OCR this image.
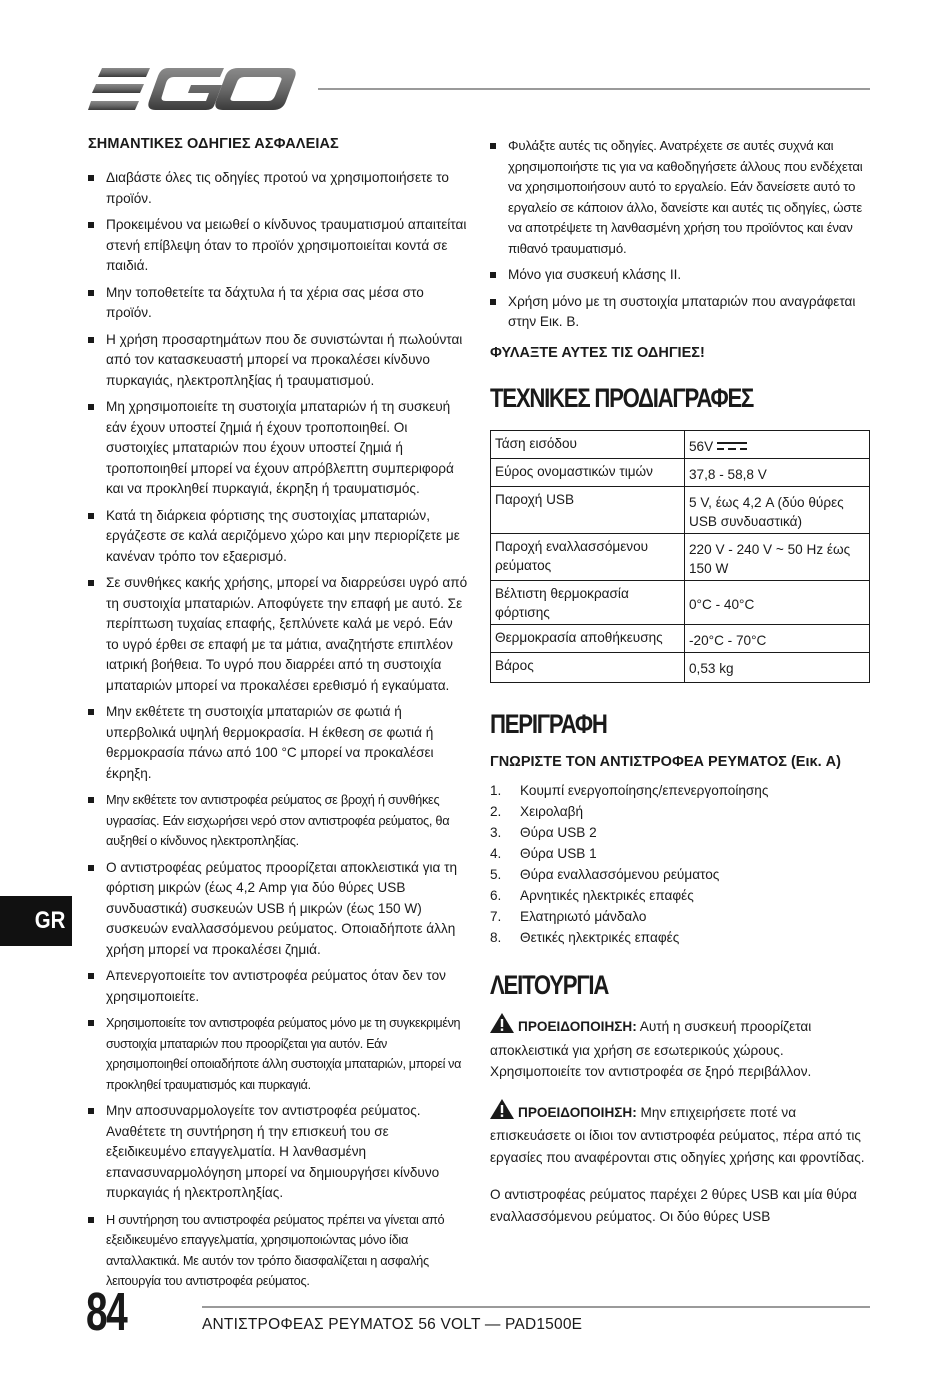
ΣΗΜΑΝΤΙΚΕΣ ΟΔΗΓΙΕΣ ΑΣΦΑΛΕΙΑΣ
Διαβάστε όλες τις οδηγίες προτού να χρησιμοποιήσετε το προϊόν.
Προκειμένου να μειωθεί ο κίνδυνος τραυματισμού απαιτείται στενή επίβλεψη όταν το προϊόν χρησιμοποιείται κοντά σε παιδιά.
Μην τοποθετείτε τα δάχτυλα ή τα χέρια σας μέσα στο προϊόν.
Η χρήση προσαρτημάτων που δε συνιστώνται ή πωλούνται από τον κατασκευαστή μπορεί να προκαλέσει κίνδυνο πυρκαγιάς, ηλεκτροπληξίας ή τραυματισμού.
Μη χρησιμοποιείτε τη συστοιχία μπαταριών ή τη συσκευή εάν έχουν υποστεί ζημιά ή έχουν τροποποιηθεί. Οι συστοιχίες μπαταριών που έχουν υποστεί ζημιά ή τροποποιηθεί μπορεί να έχουν απρόβλεπτη συμπεριφορά και να προκληθεί πυρκαγιά, έκρηξη ή τραυματισμός.
Κατά τη διάρκεια φόρτισης της συστοιχίας μπαταριών, εργάζεστε σε καλά αεριζόμενο χώρο και μην περιορίζετε με κανέναν τρόπο τον εξαερισμό.
Σε συνθήκες κακής χρήσης, μπορεί να διαρρεύσει υγρό από τη συστοιχία μπαταριών. Αποφύγετε την επαφή με αυτό. Σε περίπτωση τυχαίας επαφής, ξεπλύνετε καλά με νερό. Εάν το υγρό έρθει σε επαφή με τα μάτια, αναζητήστε επιπλέον ιατρική βοήθεια. Το υγρό που διαρρέει από τη συστοιχία μπαταριών μπορεί να προκαλέσει ερεθισμό ή εγκαύματα.
Μην εκθέτετε τη συστοιχία μπαταριών σε φωτιά ή υπερβολικά υψηλή θερμοκρασία. Η έκθεση σε φωτιά ή θερμοκρασία πάνω από 100 °C μπορεί να προκαλέσει έκρηξη.
Μην εκθέτετε τον αντιστροφέα ρεύματος σε βροχή ή συνθήκες υγρασίας. Εάν εισχωρήσει νερό στον αντιστροφέα ρεύματος, θα αυξηθεί ο κίνδυνος ηλεκτροπληξίας.
Ο αντιστροφέας ρεύματος προορίζεται αποκλειστικά για τη φόρτιση μικρών (έως 4,2 Amp για δύο θύρες USB συνδυαστικά) συσκευών USB ή μικρών (έως 150 W) συσκευών εναλλασσόμενου ρεύματος. Οποιαδήποτε άλλη χρήση μπορεί να προκαλέσει ζημιά.
Απενεργοποιείτε τον αντιστροφέα ρεύματος όταν δεν τον χρησιμοποιείτε.
Χρησιμοποιείτε τον αντιστροφέα ρεύματος μόνο με τη συγκεκριμένη συστοιχία μπαταριών που προορίζεται για αυτόν. Εάν χρησιμοποιηθεί οποιαδήποτε άλλη συστοιχία μπαταριών, μπορεί να προκληθεί τραυματισμός και πυρκαγιά.
Μην αποσυναρμολογείτε τον αντιστροφέα ρεύματος. Αναθέτετε τη συντήρηση ή την επισκευή του σε εξειδικευμένο επαγγελματία. Η λανθασμένη επανασυναρμολόγηση μπορεί να δημιουργήσει κίνδυνο πυρκαγιάς ή ηλεκτροπληξίας.
Η συντήρηση του αντιστροφέα ρεύματος πρέπει να γίνεται από εξειδικευμένο επαγγελματία, χρησιμοποιώντας μόνο ίδια ανταλλακτικά. Με αυτόν τον τρόπο διασφαλίζεται η ασφαλής λειτουργία του αντιστροφέα ρεύματος.
Φυλάξτε αυτές τις οδηγίες. Ανατρέχετε σε αυτές συχνά και χρησιμοποιήστε τις για να καθοδηγήσετε άλλους που ενδέχεται να χρησιμοποιήσουν αυτό το εργαλείο. Εάν δανείσετε αυτό το εργαλείο σε κάποιον άλλο, δανείστε και αυτές τις οδηγίες, ώστε να αποτρέψετε τη λανθασμένη χρήση του προϊόντος και έναν πιθανό τραυματισμό.
Μόνο για συσκευή κλάσης II.
Χρήση μόνο με τη συστοιχία μπαταριών που αναγράφεται στην Εικ. Β.
ΦΥΛΑΞΤΕ ΑΥΤΕΣ ΤΙΣ ΟΔΗΓΙΕΣ!
ΤΕΧΝΙΚΕΣ ΠΡΟΔΙΑΓΡΑΦΕΣ
Τάση εισόδου	56V
Εύρος ονομαστικών τιμών	37,8 - 58,8 V
Παροχή USB	5 V, έως 4,2 A (δύο θύρες USB συνδυαστικά)
Παροχή εναλλασσόμενου ρεύματος	220 V - 240 V ~ 50 Hz έως 150 W
Βέλτιστη θερμοκρασία φόρτισης	0°C - 40°C
Θερμοκρασία αποθήκευσης	-20°C - 70°C
Βάρος	0,53 kg
ΠΕΡΙΓΡΑΦΗ
ΓΝΩΡΙΣΤΕ ΤΟΝ ΑΝΤΙΣΤΡΟΦΕΑ ΡΕΥΜΑΤΟΣ (Εικ. A)
1.	Κουμπί ενεργοποίησης/επενεργοποίησης
2.	Χειρολαβή
3.	Θύρα USB 2
4.	Θύρα USB 1
5.	Θύρα εναλλασσόμενου ρεύματος
6.	Αρνητικές ηλεκτρικές επαφές
7.	Ελατηριωτό μάνδαλο
8.	Θετικές ηλεκτρικές επαφές
ΛΕΙΤΟΥΡΓΙΑ

ΠΡΟΕΙΔΟΠΟΙΗΣΗ: Αυτή η συσκευή προορίζεται αποκλειστικά για χρήση σε εσωτερικούς χώρους. Χρησιμοποιείτε τον αντιστροφέα σε ξηρό περιβάλλον.

ΠΡΟΕΙΔΟΠΟΙΗΣΗ: Μην επιχειρήσετε ποτέ να επισκευάσετε οι ίδιοι τον αντιστροφέα ρεύματος, πέρα από τις εργασίες που αναφέρονται στις οδηγίες χρήσης και φροντίδας.

Ο αντιστροφέας ρεύματος παρέχει 2 θύρες USB και μία θύρα εναλλασσόμενου ρεύματος. Οι δύο θύρες USB

GR
84	ΑΝΤΙΣΤΡΟΦΕΑΣ ΡΕΥΜΑΤΟΣ 56 VOLT — PAD1500E
